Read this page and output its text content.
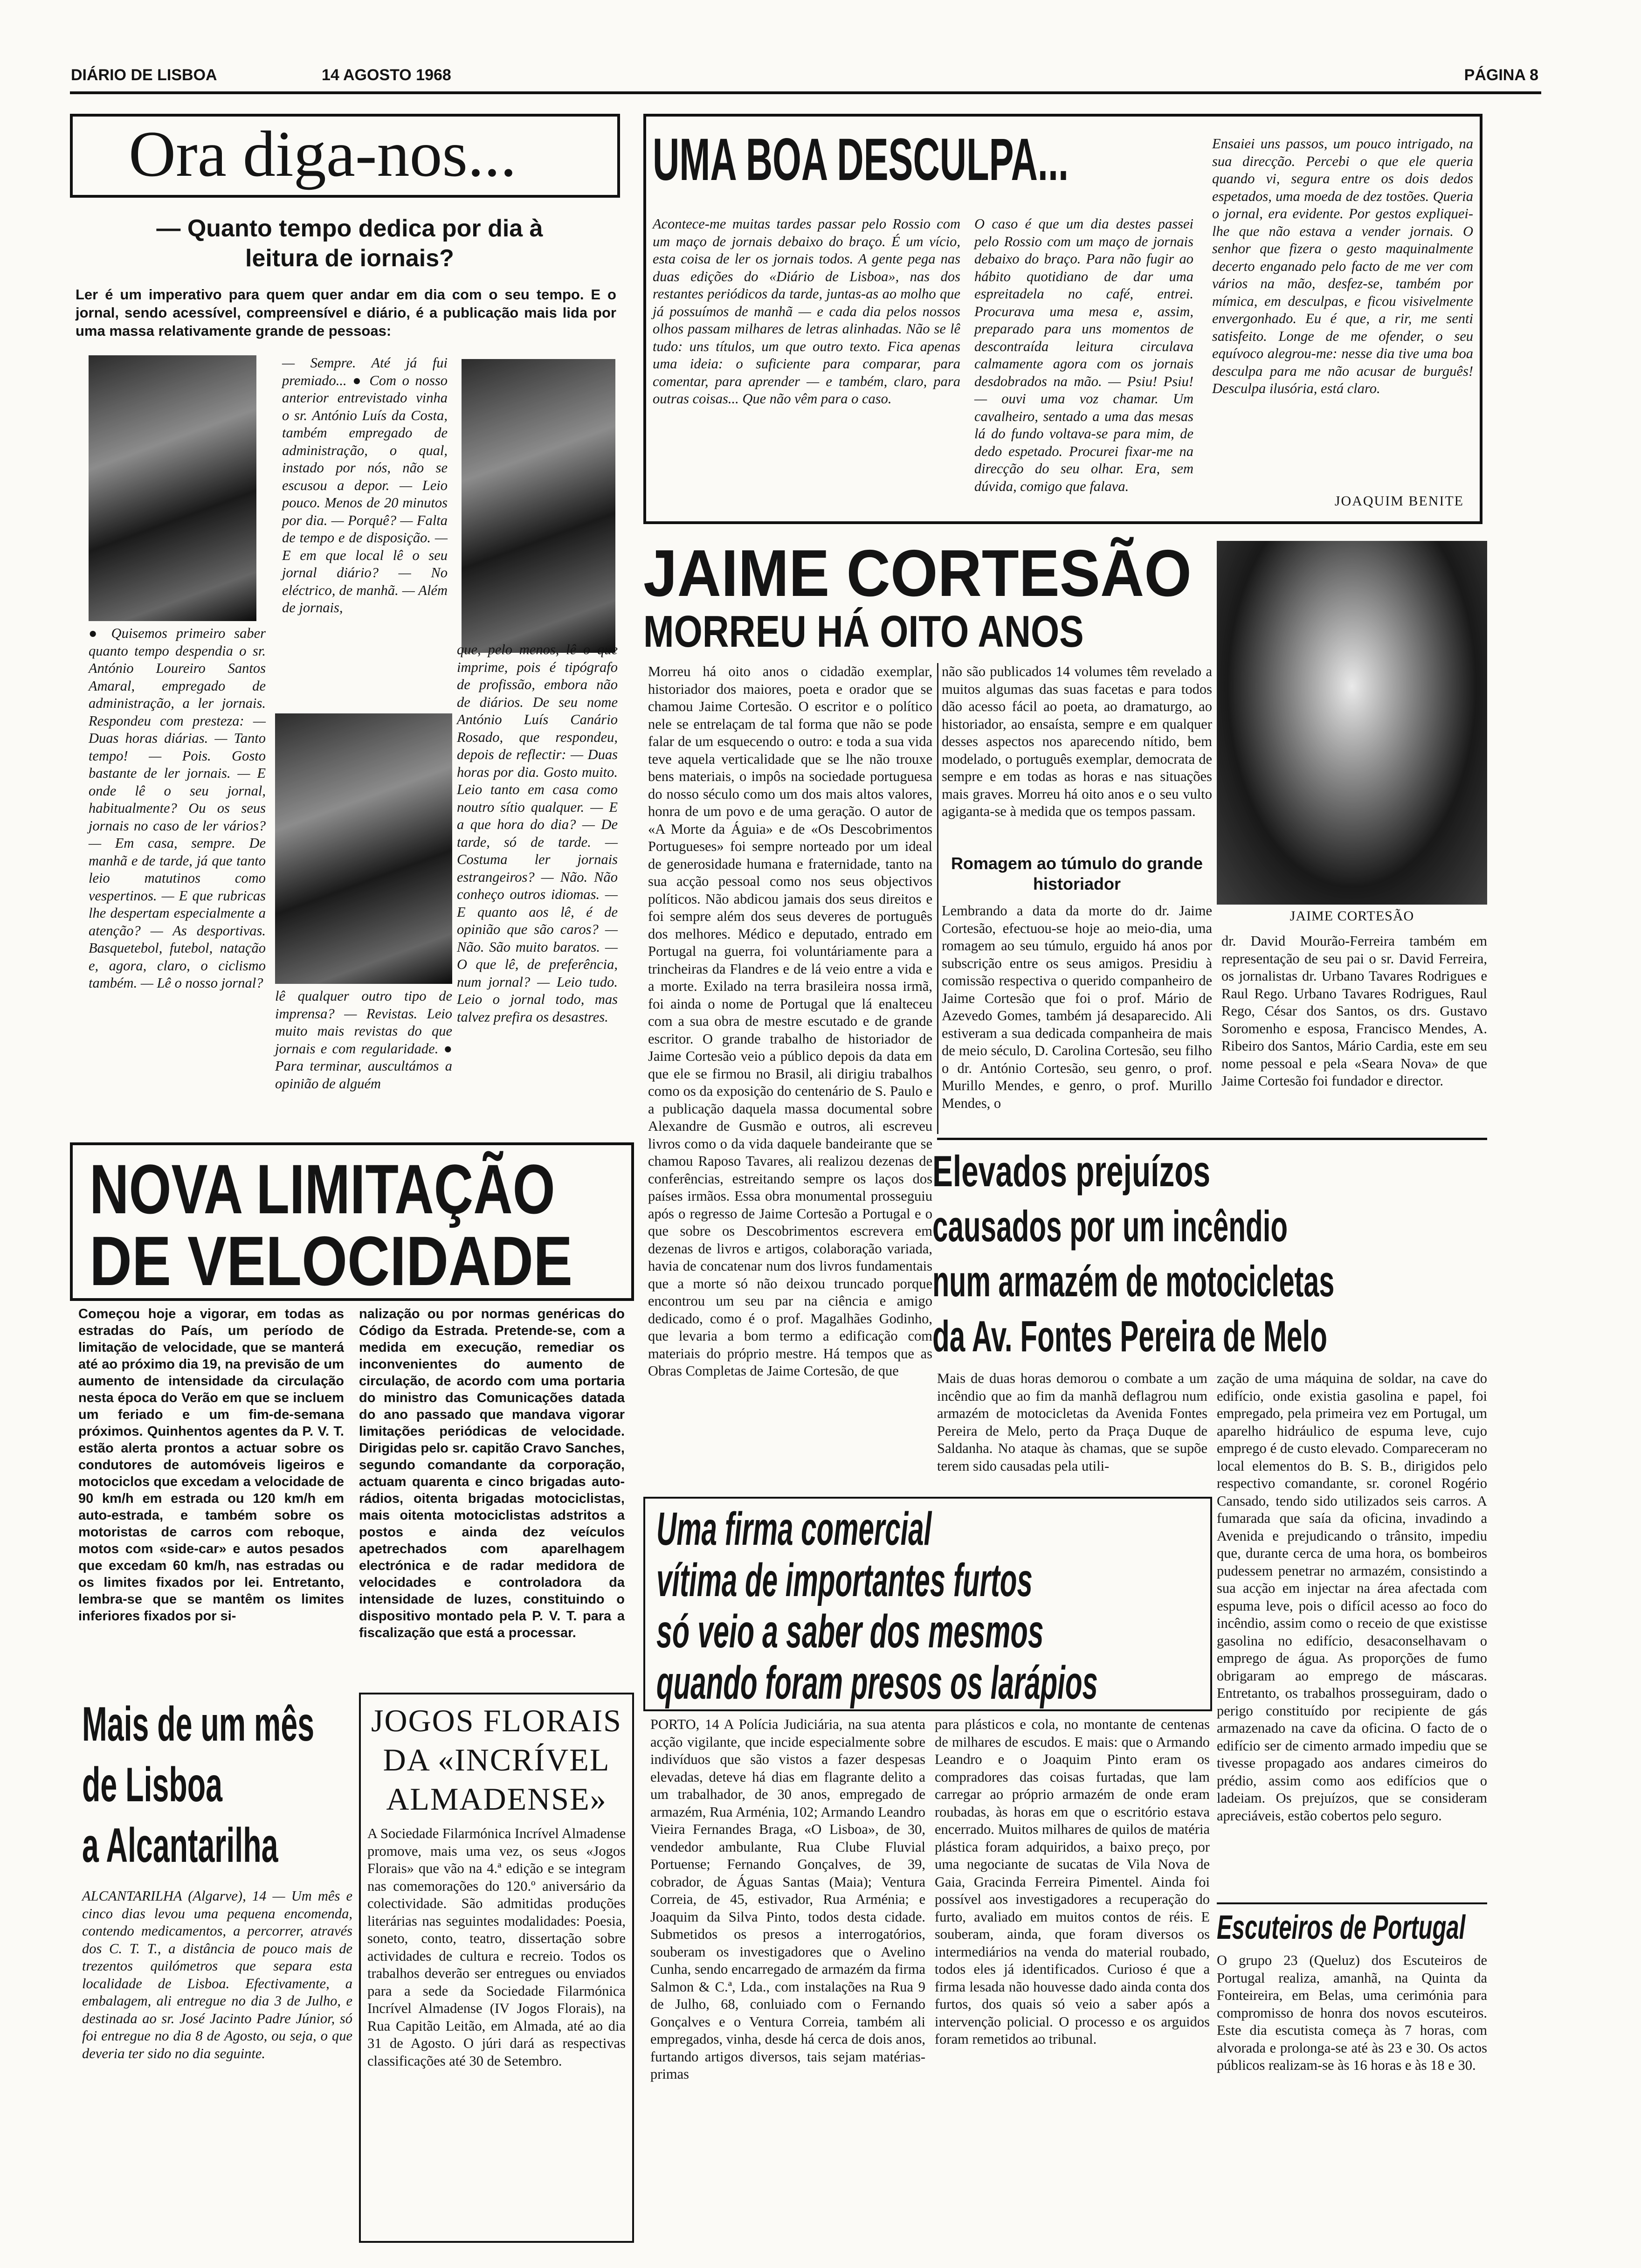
DIÁRIO DE LISBOA	14 AGOSTO 1968	PÁGINA 8
Ora diga-nos...
— Quanto tempo dedica por dia à leitura de iornais?
Ler é um imperativo para quem quer andar em dia com o seu tempo. E o jornal, sendo acessível, compreensível e diário, é a publicação mais lida por uma massa relativamente grande de pessoas:
● Quisemos primeiro saber quanto tempo despendia o sr. António Loureiro Santos Amaral, empregado de administração, a ler jornais. Respondeu com presteza: — Duas horas diárias. — Tanto tempo! — Pois. Gosto bastante de ler jornais. — E onde lê o seu jornal, habitualmente? Ou os seus jornais no caso de ler vários? — Em casa, sempre. De manhã e de tarde, já que tanto leio matutinos como vespertinos. — E que rubricas lhe despertam especialmente a atenção? — As desportivas. Basquetebol, futebol, natação e, agora, claro, o ciclismo também. — Lê o nosso jornal?
— Sempre. Até já fui premiado... ● Com o nosso anterior entrevistado vinha o sr. António Luís da Costa, também empregado de administração, o qual, instado por nós, não se escusou a depor. — Leio pouco. Menos de 20 minutos por dia. — Porquê? — Falta de tempo e de disposição. — E em que local lê o seu jornal diário? — No eléctrico, de manhã. — Além de jornais,
lê qualquer outro tipo de imprensa? — Revistas. Leio muito mais revistas do que jornais e com regularidade. ● Para terminar, auscultámos a opinião de alguém
que, pelo menos, lê o que imprime, pois é tipógrafo de profissão, embora não de diários. De seu nome António Luís Canário Rosado, que respondeu, depois de reflectir: — Duas horas por dia. Gosto muito. Leio tanto em casa como noutro sítio qualquer. — E a que hora do dia? — De tarde, só de tarde. — Costuma ler jornais estrangeiros? — Não. Não conheço outros idiomas. — E quanto aos lê, é de opinião que são caros? — Não. São muito baratos. — O que lê, de preferência, num jornal? — Leio tudo. Leio o jornal todo, mas talvez prefira os desastres.
UMA BOA DESCULPA...
Acontece-me muitas tardes passar pelo Rossio com um maço de jornais debaixo do braço. É um vício, esta coisa de ler os jornais todos. A gente pega nas duas edições do «Diário de Lisboa», nas dos restantes periódicos da tarde, juntas-as ao molho que já possuímos de manhã — e cada dia pelos nossos olhos passam milhares de letras alinhadas. Não se lê tudo: uns títulos, um que outro texto. Fica apenas uma ideia: o suficiente para comparar, para comentar, para aprender — e também, claro, para outras coisas... Que não vêm para o caso.
O caso é que um dia destes passei pelo Rossio com um maço de jornais debaixo do braço. Para não fugir ao hábito quotidiano de dar uma espreitadela no café, entrei. Procurava uma mesa e, assim, preparado para uns momentos de descontraída leitura circulava calmamente agora com os jornais desdobrados na mão. — Psiu! Psiu! — ouvi uma voz chamar. Um cavalheiro, sentado a uma das mesas lá do fundo voltava-se para mim, de dedo espetado. Procurei fixar-me na direcção do seu olhar. Era, sem dúvida, comigo que falava.
Ensaiei uns passos, um pouco intrigado, na sua direcção. Percebi o que ele queria quando vi, segura entre os dois dedos espetados, uma moeda de dez tostões. Queria o jornal, era evidente. Por gestos expliquei-lhe que não estava a vender jornais. O senhor que fizera o gesto maquinalmente decerto enganado pelo facto de me ver com vários na mão, desfez-se, também por mímica, em desculpas, e ficou visivelmente envergonhado. Eu é que, a rir, me senti satisfeito. Longe de me ofender, o seu equívoco alegrou-me: nesse dia tive uma boa desculpa para me não acusar de burguês! Desculpa ilusória, está claro.
JOAQUIM BENITE
JAIME CORTESÃO
MORREU HÁ OITO ANOS
JAIME CORTESÃO
Morreu há oito anos o cidadão exemplar, historiador dos maiores, poeta e orador que se chamou Jaime Cortesão. O escritor e o político nele se entrelaçam de tal forma que não se pode falar de um esquecendo o outro: e toda a sua vida teve aquela verticalidade que se lhe não trouxe bens materiais, o impôs na sociedade portuguesa do nosso século como um dos mais altos valores, honra de um povo e de uma geração. O autor de «A Morte da Águia» e de «Os Descobrimentos Portugueses» foi sempre norteado por um ideal de generosidade humana e fraternidade, tanto na sua acção pessoal como nos seus objectivos políticos. Não abdicou jamais dos seus direitos e foi sempre além dos seus deveres de português dos melhores. Médico e deputado, entrado em Portugal na guerra, foi voluntáriamente para a trincheiras da Flandres e de lá veio entre a vida e a morte. Exilado na terra brasileira nossa irmã, foi ainda o nome de Portugal que lá enalteceu com a sua obra de mestre escutado e de grande escritor. O grande trabalho de historiador de Jaime Cortesão veio a público depois da data em que ele se firmou no Brasil, ali dirigiu trabalhos como os da exposição do centenário de S. Paulo e a publicação daquela massa documental sobre Alexandre de Gusmão e outros, ali escreveu livros como o da vida daquele bandeirante que se chamou Raposo Tavares, ali realizou dezenas de conferências, estreitando sempre os laços dos países irmãos. Essa obra monumental prosseguiu após o regresso de Jaime Cortesão a Portugal e o que sobre os Descobrimentos escrevera em dezenas de livros e artigos, colaboração variada, havia de concatenar num dos livros fundamentais que a morte só não deixou truncado porque encontrou um seu par na ciência e amigo dedicado, como é o prof. Magalhães Godinho, que levaria a bom termo a edificação com materiais do próprio mestre. Há tempos que as Obras Completas de Jaime Cortesão, de que
não são publicados 14 volumes têm revelado a muitos algumas das suas facetas e para todos dão acesso fácil ao poeta, ao dramaturgo, ao historiador, ao ensaísta, sempre e em qualquer desses aspectos nos aparecendo nítido, bem modelado, o português exemplar, democrata de sempre e em todas as horas e nas situações mais graves. Morreu há oito anos e o seu vulto agiganta-se à medida que os tempos passam.
Romagem ao túmulo do grande historiador
Lembrando a data da morte do dr. Jaime Cortesão, efectuou-se hoje ao meio-dia, uma romagem ao seu túmulo, erguido há anos por subscrição entre os seus amigos. Presidiu à comissão respectiva o querido companheiro de Jaime Cortesão que foi o prof. Mário de Azevedo Gomes, também já desaparecido. Ali estiveram a sua dedicada companheira de mais de meio século, D. Carolina Cortesão, seu filho o dr. António Cortesão, seu genro, o prof. Murillo Mendes, e genro, o prof. Murillo Mendes, o
dr. David Mourão-Ferreira também em representação de seu pai o sr. David Ferreira, os jornalistas dr. Urbano Tavares Rodrigues e Raul Rego. Urbano Tavares Rodrigues, Raul Rego, César dos Santos, os drs. Gustavo Soromenho e esposa, Francisco Mendes, A. Ribeiro dos Santos, Mário Cardia, este em seu nome pessoal e pela «Seara Nova» de que Jaime Cortesão foi fundador e director.
NOVA LIMITAÇÃO
DE VELOCIDADE
Começou hoje a vigorar, em todas as estradas do País, um período de limitação de velocidade, que se manterá até ao próximo dia 19, na previsão de um aumento de intensidade da circulação nesta época do Verão em que se incluem um feriado e um fim-de-semana próximos. Quinhentos agentes da P. V. T. estão alerta prontos a actuar sobre os condutores de automóveis ligeiros e motociclos que excedam a velocidade de 90 km/h em estrada ou 120 km/h em auto-estrada, e também sobre os motoristas de carros com reboque, motos com «side-car» e autos pesados que excedam 60 km/h, nas estradas ou os limites fixados por lei. Entretanto, lembra-se que se mantêm os limites inferiores fixados por si-
nalização ou por normas genéricas do Código da Estrada. Pretende-se, com a medida em execução, remediar os inconvenientes do aumento de circulação, de acordo com uma portaria do ministro das Comunicações datada do ano passado que mandava vigorar limitações periódicas de velocidade. Dirigidas pelo sr. capitão Cravo Sanches, segundo comandante da corporação, actuam quarenta e cinco brigadas auto-rádios, oitenta brigadas motociclistas, mais oitenta motociclistas adstritos a postos e ainda dez veículos apetrechados com aparelhagem electrónica e de radar medidora de velocidades e controladora da intensidade de luzes, constituindo o dispositivo montado pela P. V. T. para a fiscalização que está a processar.
Elevados prejuízos
causados por um incêndio
num armazém de motocicletas
da Av. Fontes Pereira de Melo
Mais de duas horas demorou o combate a um incêndio que ao fim da manhã deflagrou num armazém de motocicletas da Avenida Fontes Pereira de Melo, perto da Praça Duque de Saldanha. No ataque às chamas, que se supõe terem sido causadas pela utili-
zação de uma máquina de soldar, na cave do edifício, onde existia gasolina e papel, foi empregado, pela primeira vez em Portugal, um aparelho hidráulico de espuma leve, cujo emprego é de custo elevado. Compareceram no local elementos do B. S. B., dirigidos pelo respectivo comandante, sr. coronel Rogério Cansado, tendo sido utilizados seis carros. A fumarada que saía da oficina, invadindo a Avenida e prejudicando o trânsito, impediu que, durante cerca de uma hora, os bombeiros pudessem penetrar no armazém, consistindo a sua acção em injectar na área afectada com espuma leve, pois o difícil acesso ao foco do incêndio, assim como o receio de que existisse gasolina no edifício, desaconselhavam o emprego de água. As proporções de fumo obrigaram ao emprego de máscaras. Entretanto, os trabalhos prosseguiram, dado o perigo constituído por recipiente de gás armazenado na cave da oficina. O facto de o edifício ser de cimento armado impediu que se tivesse propagado aos andares cimeiros do prédio, assim como aos edifícios que o ladeiam. Os prejuízos, que se consideram apreciáveis, estão cobertos pelo seguro.
Uma firma comercial
vítima de importantes furtos
só veio a saber dos mesmos
quando foram presos os larápios
PORTO, 14 A Polícia Judiciária, na sua atenta acção vigilante, que incide especialmente sobre indivíduos que são vistos a fazer despesas elevadas, deteve há dias em flagrante delito a um trabalhador, de 30 anos, empregado de armazém, Rua Arménia, 102; Armando Leandro Vieira Fernandes Braga, «O Lisboa», de 30, vendedor ambulante, Rua Clube Fluvial Portuense; Fernando Gonçalves, de 39, cobrador, de Águas Santas (Maia); Ventura Correia, de 45, estivador, Rua Arménia; e Joaquim da Silva Pinto, todos desta cidade. Submetidos os presos a interrogatórios, souberam os investigadores que o Avelino Cunha, sendo encarregado de armazém da firma Salmon & C.ª, Lda., com instalações na Rua 9 de Julho, 68, conluiado com o Fernando Gonçalves e o Ventura Correia, também ali empregados, vinha, desde há cerca de dois anos, furtando artigos diversos, tais sejam matérias-primas
para plásticos e cola, no montante de centenas de milhares de escudos. E mais: que o Armando Leandro e o Joaquim Pinto eram os compradores das coisas furtadas, que lam carregar ao próprio armazém de onde eram roubadas, às horas em que o escritório estava encerrado. Muitos milhares de quilos de matéria plástica foram adquiridos, a baixo preço, por uma negociante de sucatas de Vila Nova de Gaia, Gracinda Ferreira Pimentel. Ainda foi possível aos investigadores a recuperação do furto, avaliado em muitos contos de réis. E souberam, ainda, que foram diversos os intermediários na venda do material roubado, todos eles já identificados. Curioso é que a firma lesada não houvesse dado ainda conta dos furtos, dos quais só veio a saber após a intervenção policial. O processo e os arguidos foram remetidos ao tribunal.
Mais de um mês
de Lisboa
a Alcantarilha
ALCANTARILHA (Algarve), 14 — Um mês e cinco dias levou uma pequena encomenda, contendo medicamentos, a percorrer, através dos C. T. T., a distância de pouco mais de trezentos quilómetros que separa esta localidade de Lisboa. Efectivamente, a embalagem, ali entregue no dia 3 de Julho, e destinada ao sr. José Jacinto Padre Júnior, só foi entregue no dia 8 de Agosto, ou seja, o que deveria ter sido no dia seguinte.
JOGOS FLORAIS
DA «INCRÍVEL
ALMADENSE»
A Sociedade Filarmónica Incrível Almadense promove, mais uma vez, os seus «Jogos Florais» que vão na 4.ª edição e se integram nas comemorações do 120.º aniversário da colectividade. São admitidas produções literárias nas seguintes modalidades: Poesia, soneto, conto, teatro, dissertação sobre actividades de cultura e recreio. Todos os trabalhos deverão ser entregues ou enviados para a sede da Sociedade Filarmónica Incrível Almadense (IV Jogos Florais), na Rua Capitão Leitão, em Almada, até ao dia 31 de Agosto. O júri dará as respectivas classificações até 30 de Setembro.
Escuteiros de Portugal
O grupo 23 (Queluz) dos Escuteiros de Portugal realiza, amanhã, na Quinta da Fonteireira, em Belas, uma cerimónia para compromisso de honra dos novos escuteiros. Este dia escutista começa às 7 horas, com alvorada e prolonga-se até às 23 e 30. Os actos públicos realizam-se às 16 horas e às 18 e 30.
